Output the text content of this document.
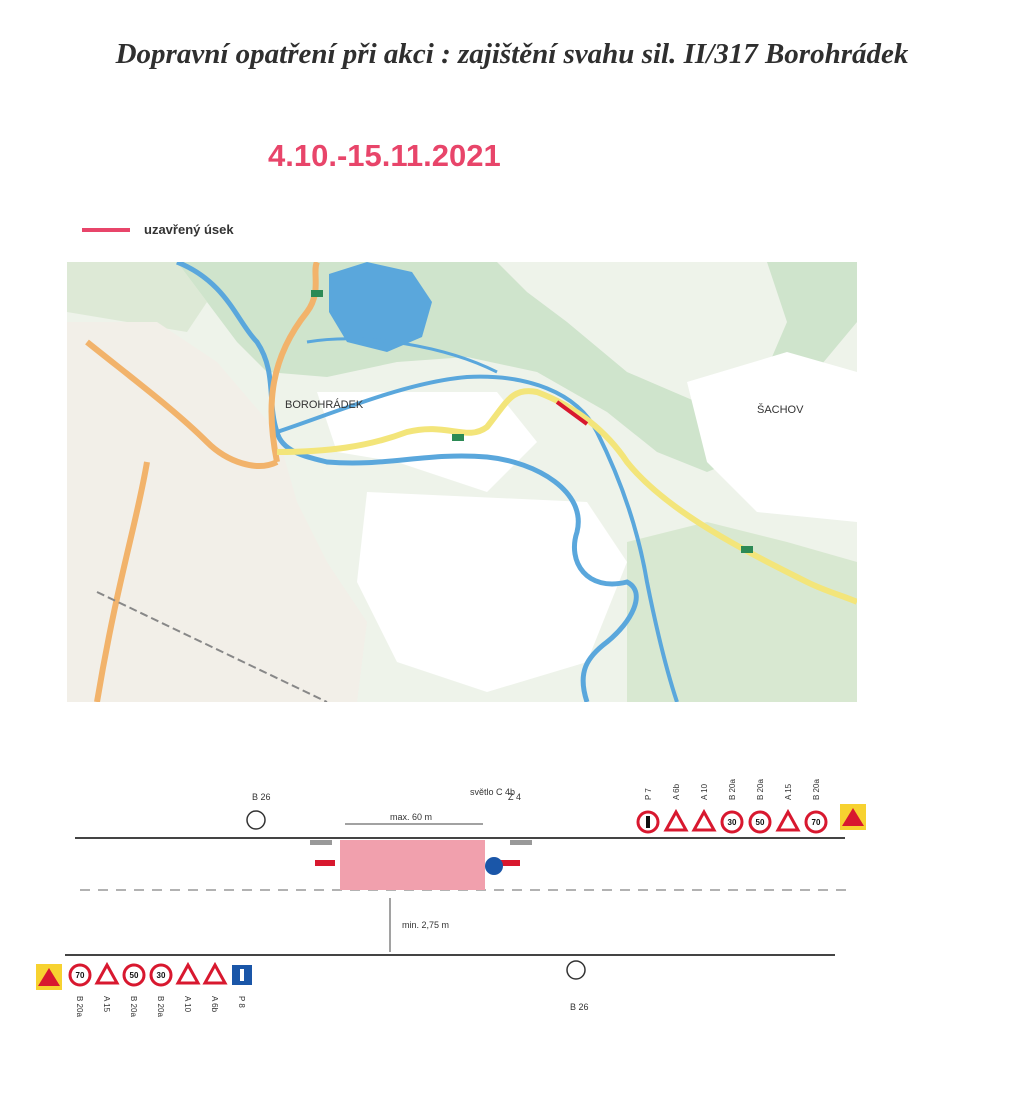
Dopravní opatření při akci : zajištění svahu sil. II/317 Borohrádek
4.10.-15.11.2021
uzavřený úsek
BOROHRÁDEK	ŠACHOV
max. 60 m
min. 2,75 m
B 26	světlo C 4b
Z 4	P 7 A 6b A 10
30
B 20a
50
B 20a A 15
70
B 20a
70
B 20a A 15
50
B 20a
30
B 20a A 10 A 6b P 8	B 26
